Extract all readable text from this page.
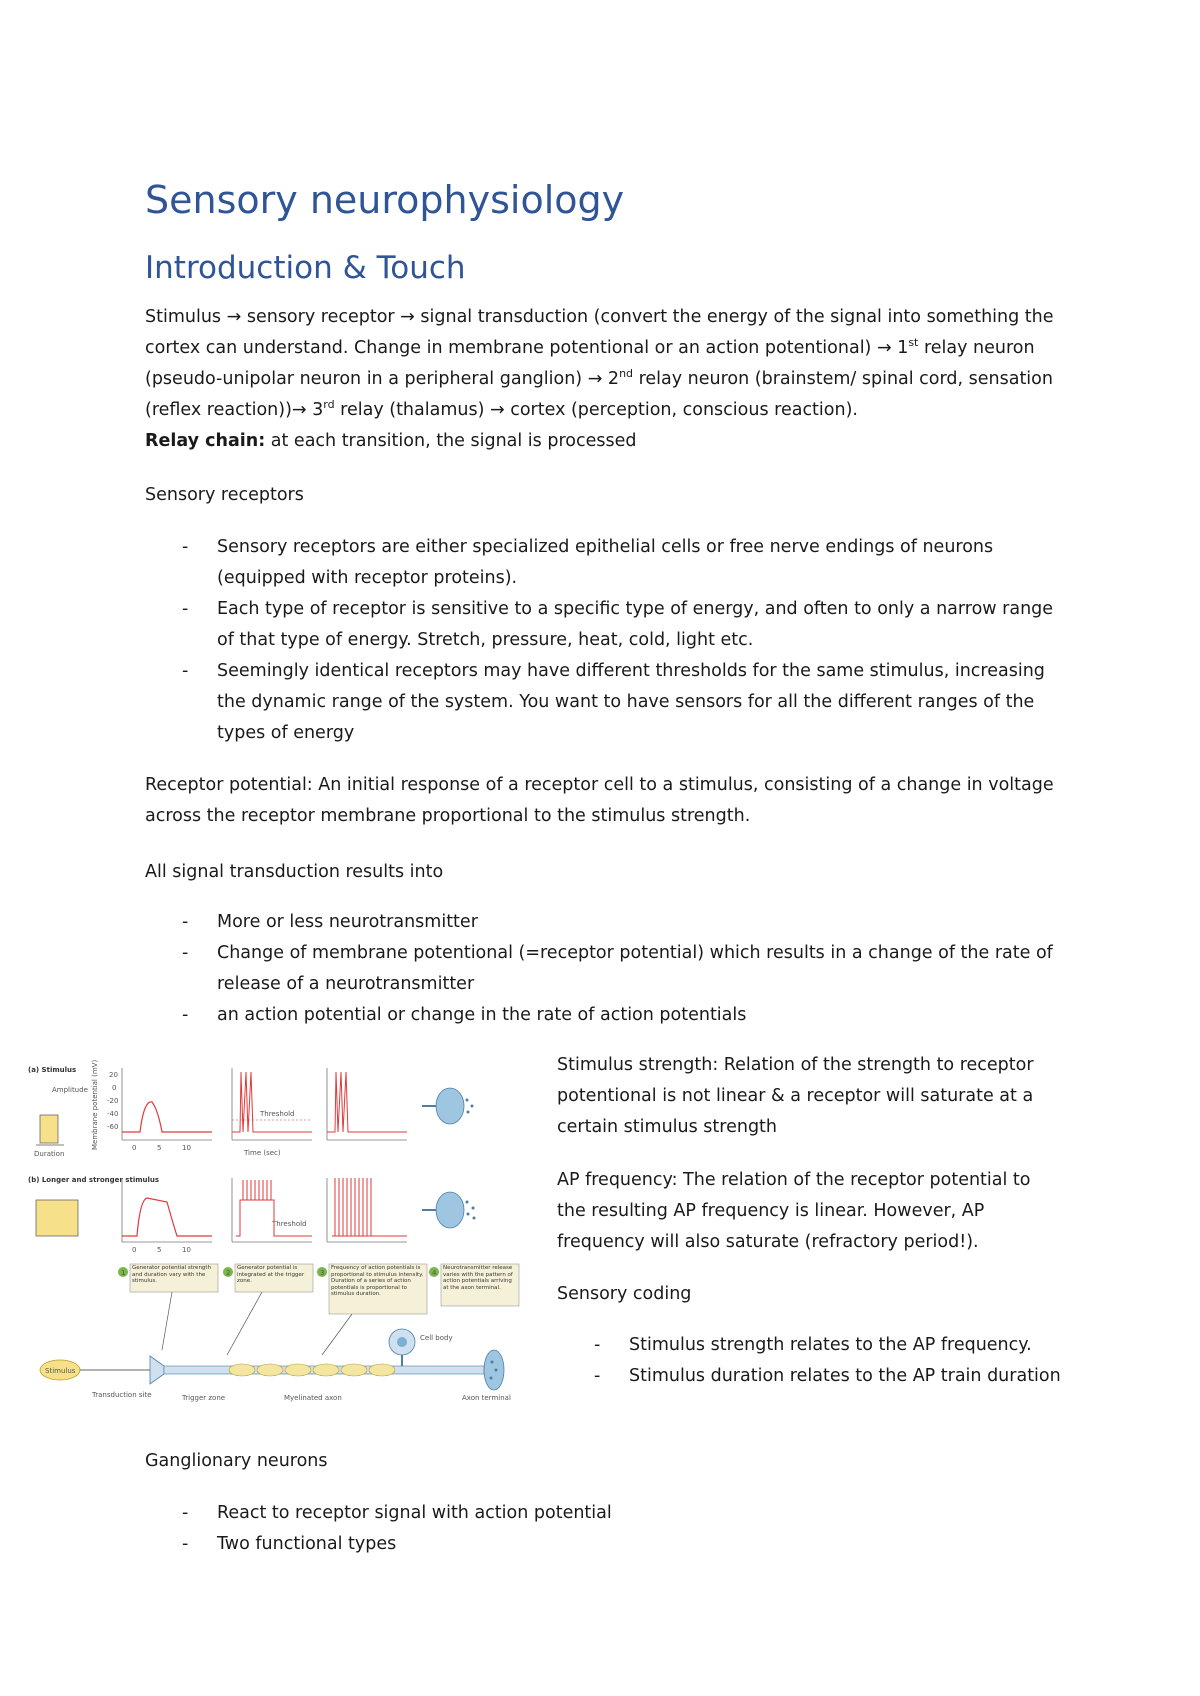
Sensory neurophysiology
Introduction & Touch

Stimulus → sensory receptor → signal transduction (convert the energy of the signal into something the cortex can understand. Change in membrane potentional or an action potentional) → 1st relay neuron (pseudo-unipolar neuron in a peripheral ganglion) → 2nd relay neuron (brainstem/ spinal cord, sensation (reflex reaction))→ 3rd relay (thalamus) → cortex (perception, conscious reaction).
Relay chain: at each transition, the signal is processed

Sensory receptors

- Sensory receptors are either specialized epithelial cells or free nerve endings of neurons (equipped with receptor proteins).
- Each type of receptor is sensitive to a specific type of energy, and often to only a narrow range of that type of energy. Stretch, pressure, heat, cold, light etc.
- Seemingly identical receptors may have different thresholds for the same stimulus, increasing the dynamic range of the system. You want to have sensors for all the different ranges of the types of energy

Receptor potential: An initial response of a receptor cell to a stimulus, consisting of a change in voltage across the receptor membrane proportional to the stimulus strength.

All signal transduction results into

- More or less neurotransmitter
- Change of membrane potentional (=receptor potential) which results in a change of the rate of release of a neurotransmitter
- an action potential or change in the rate of action potentials
(a) Stimulus
Amplitude
Duration
Membrane potential (mV) 20
0
-20
-40
-60
0	5	10
Threshold
Time (sec)
(b) Longer and stronger stimulus
0	5	10
Threshold
1
Generator potential strength and duration vary with the stimulus.
2
Generator potential is integrated at the trigger zone.
3
Frequency of action potentials is proportional to stimulus intensity. Duration of a series of action potentials is proportional to stimulus duration.
4
Neurotransmitter release varies with the pattern of action potentials arriving at the axon terminal.
Stimulus
Cell body
Transduction site	Trigger zone	Myelinated axon	Axon terminal

Stimulus strength: Relation of the strength to receptor potentional is not linear & a receptor will saturate at a certain stimulus strength

AP frequency: The relation of the receptor potential to the resulting AP frequency is linear. However, AP frequency will also saturate (refractory period!).

Sensory coding

- Stimulus strength relates to the AP frequency.
- Stimulus duration relates to the AP train duration

Ganglionary neurons

- React to receptor signal with action potential
- Two functional types
